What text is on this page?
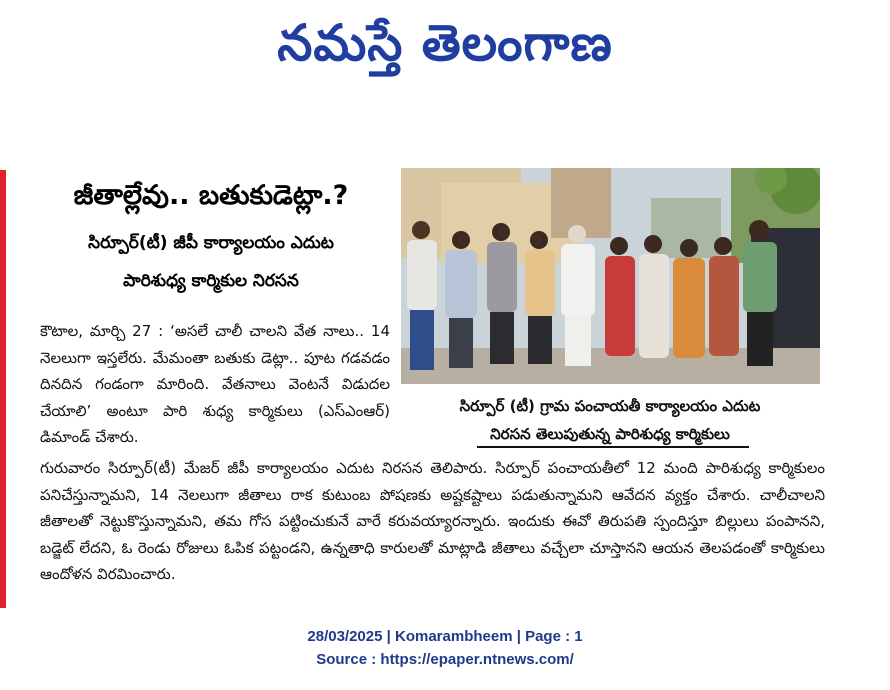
నమస్తే తెలంగాణ
జీతాల్లేవు.. బతుకుడెట్లా.?
సిర్పూర్‌(టీ) జీపీ కార్యాలయం ఎదుట
పారిశుధ్య కార్మికుల నిరసన
కౌటాల, మార్చి 27 : ‘అసలే చాలీ చాలని వేత నాలు.. 14 నెలలుగా ఇస్తలేరు. మేమంతా బతుకు డెట్లా.. పూట గడవడం దినదిన గండంగా మారింది. వేతనాలు వెంటనే విడుదల చేయాలి’ అంటూ పారి శుధ్య కార్మికులు (ఎస్‌ఎంఆర్‌) డిమాండ్‌ చేశారు.
గురువారం సిర్పూర్‌(టీ) మేజర్‌ జీపీ కార్యాలయం ఎదుట నిరసన తెలిపారు. సిర్పూర్‌ పంచాయతీలో 12 మంది పారిశుధ్య కార్మికులం పనిచేస్తున్నామని, 14 నెలలుగా జీతాలు రాక కుటుంబ పోషణకు అష్టకష్టాలు పడుతున్నామని ఆవేదన వ్యక్తం చేశారు. చాలీచాలని జీతాలతో నెట్టుకొస్తున్నామని, తమ గోస పట్టించుకునే వారే కరువయ్యారన్నారు. ఇందుకు ఈవో తిరుపతి స్పందిస్తూ బిల్లులు పంపానని, బడ్జెట్‌ లేదని, ఓ రెండు రోజులు ఓపిక పట్టండని, ఉన్నతాధి కారులతో మాట్లాడి జీతాలు వచ్చేలా చూస్తానని ఆయన తెలపడంతో కార్మికులు ఆందోళన విరమించారు.
సిర్పూర్‌ (టీ) గ్రామ పంచాయతీ కార్యాలయం ఎదుట
నిరసన తెలుపుతున్న పారిశుధ్య కార్మికులు
28/03/2025 | Komarambheem | Page : 1
Source : https://epaper.ntnews.com/
